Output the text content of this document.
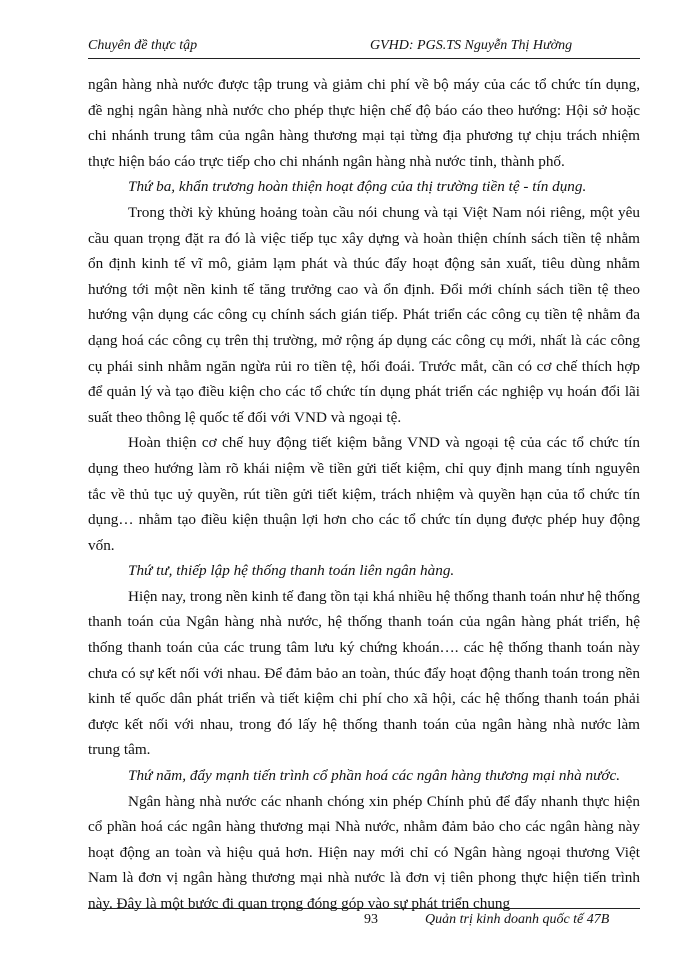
Chuyên đề thực tập	GVHD: PGS.TS Nguyễn Thị Hường

ngân hàng nhà nước được tập trung và giảm chi phí về bộ máy của các tổ chức tín dụng, đề nghị ngân hàng nhà nước cho phép thực hiện chế độ báo cáo theo hướng: Hội sở hoặc chi nhánh trung tâm của ngân hàng thương mại tại từng địa phương tự chịu trách nhiệm thực hiện báo cáo trực tiếp cho chi nhánh ngân hàng nhà nước tỉnh, thành phố.

Thứ ba, khẩn trương hoàn thiện hoạt động của thị trường tiền tệ - tín dụng.

Trong thời kỳ khủng hoảng toàn cầu nói chung và tại Việt Nam nói riêng, một yêu cầu quan trọng đặt ra đó là việc tiếp tục xây dựng và hoàn thiện chính sách tiền tệ nhằm ổn định kinh tế vĩ mô, giảm lạm phát và thúc đẩy hoạt động sản xuất, tiêu dùng nhằm hướng tới một nền kinh tế tăng trưởng cao và ổn định. Đổi mới chính sách tiền tệ theo hướng vận dụng các công cụ chính sách gián tiếp. Phát triển các công cụ tiền tệ nhằm đa dạng hoá các công cụ trên thị trường, mở rộng áp dụng các công cụ mới, nhất là các công cụ phái sinh nhằm ngăn ngừa rủi ro tiền tệ, hối đoái. Trước mắt, cần có cơ chế thích hợp để quản lý và tạo điều kiện cho các tổ chức tín dụng phát triển các nghiệp vụ hoán đổi lãi suất theo thông lệ quốc tế đối với VND và ngoại tệ.

Hoàn thiện cơ chế huy động tiết kiệm bằng VND và ngoại tệ của các tổ chức tín dụng theo hướng làm rõ khái niệm về tiền gửi tiết kiệm, chỉ quy định mang tính nguyên tắc về thủ tục uỷ quyền, rút tiền gửi tiết kiệm, trách nhiệm và quyền hạn của tổ chức tín dụng… nhằm tạo điều kiện thuận lợi hơn cho các tổ chức tín dụng được phép huy động vốn.

Thứ tư, thiếp lập hệ thống thanh toán liên ngân hàng.

Hiện nay, trong nền kinh tế đang tồn tại khá nhiều hệ thống thanh toán như hệ thống thanh toán của Ngân hàng nhà nước, hệ thống thanh toán của ngân hàng phát triển, hệ thống thanh toán của các trung tâm lưu ký chứng khoán…. các hệ thống thanh toán này chưa có sự kết nối với nhau. Để đảm bảo an toàn, thúc đẩy hoạt động thanh toán trong nền kinh tế quốc dân phát triển và tiết kiệm chi phí cho xã hội, các hệ thống thanh toán phải được kết nối với nhau, trong đó lấy hệ thống thanh toán của ngân hàng nhà nước làm trung tâm.

Thứ năm, đẩy mạnh tiến trình cổ phần hoá các ngân hàng thương mại nhà nước.

Ngân hàng nhà nước các nhanh chóng xin phép Chính phủ để đẩy nhanh thực hiện cổ phần hoá các ngân hàng thương mại Nhà nước, nhằm đảm bảo cho các ngân hàng này hoạt động an toàn và hiệu quả hơn. Hiện nay mới chỉ có Ngân hàng ngoại thương Việt Nam là đơn vị ngân hàng thương mại nhà nước là đơn vị tiên phong thực hiện tiến trình này. Đây là một bước đi quan trọng đóng góp vào sự phát triển chung

93	Quản trị kinh doanh quốc tế 47B
